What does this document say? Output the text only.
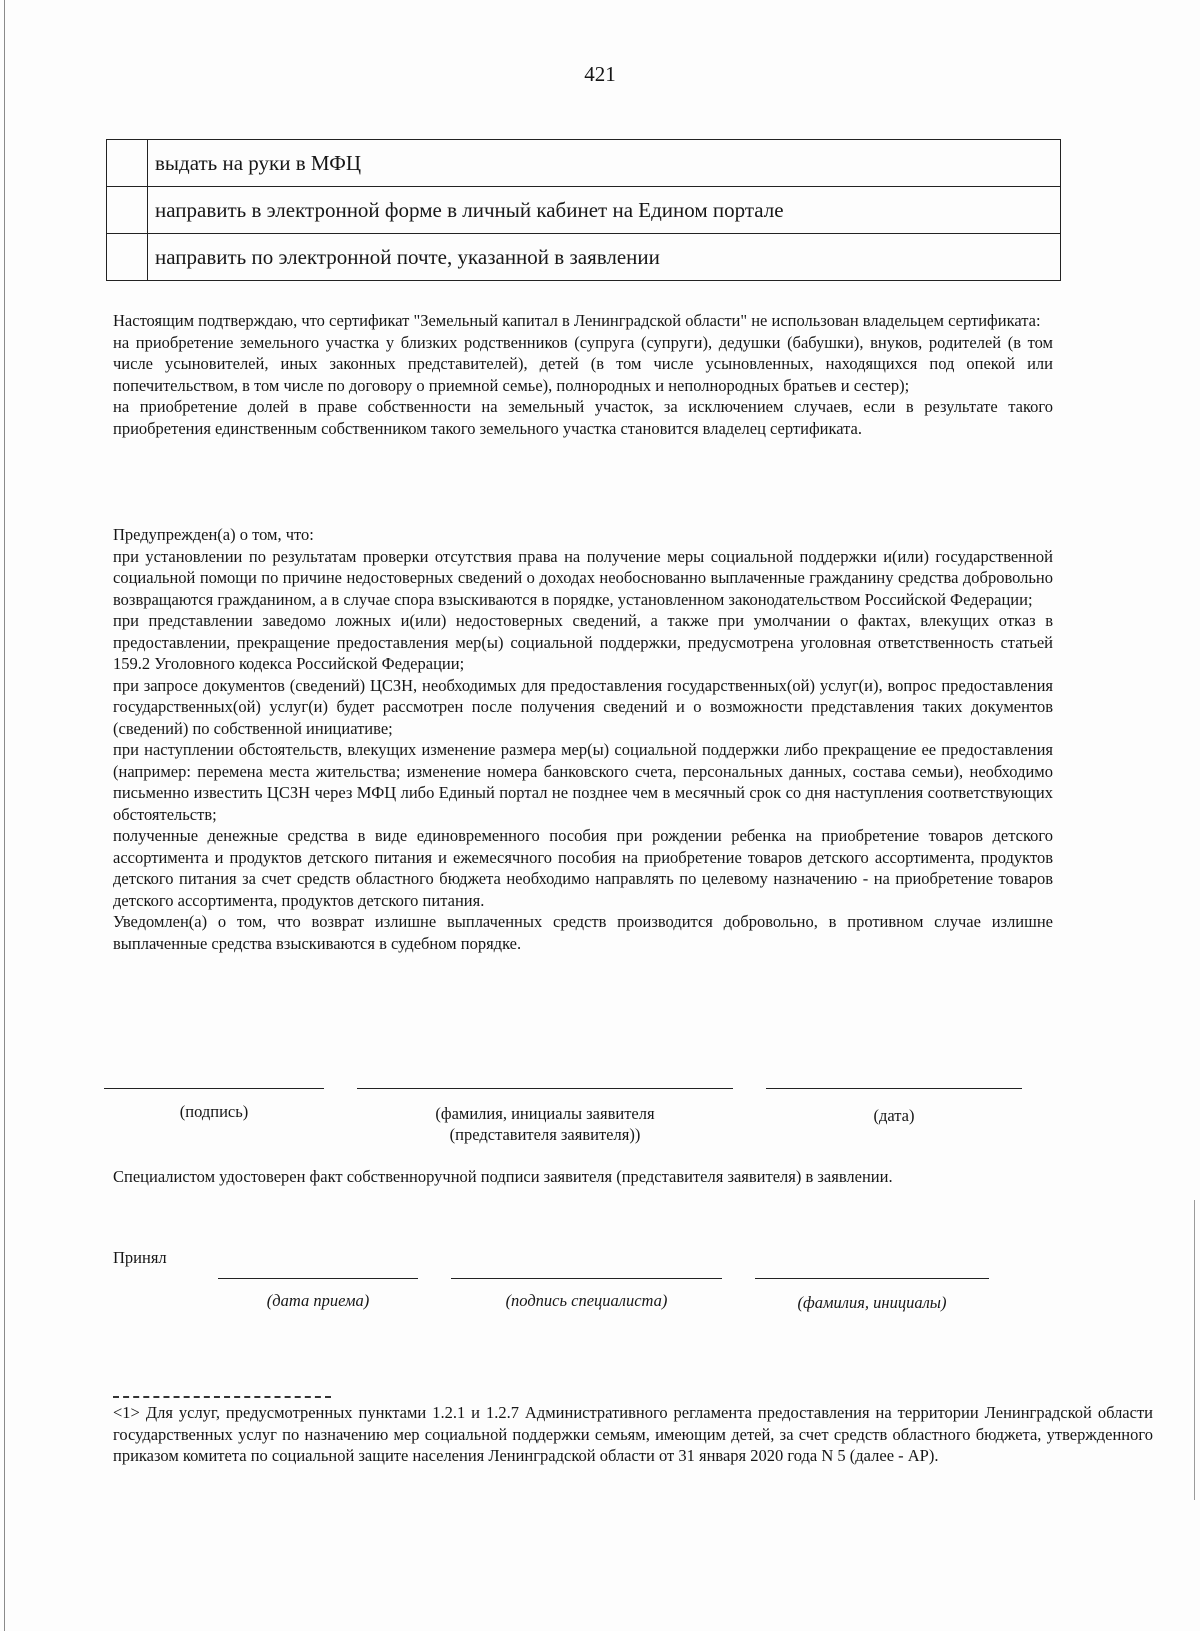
421
	выдать на руки в МФЦ
	направить в электронной форме в личный кабинет на Едином портале
	направить по электронной почте, указанной в заявлении

Настоящим подтверждаю, что сертификат "Земельный капитал в Ленинградской области" не использован владельцем сертификата:

на приобретение земельного участка у близких родственников (супруга (супруги), дедушки (бабушки), внуков, родителей (в том числе усыновителей, иных законных представителей), детей (в том числе усыновленных, находящихся под опекой или попечительством, в том числе по договору о приемной семье), полнородных и неполнородных братьев и сестер);

на приобретение долей в праве собственности на земельный участок, за исключением случаев, если в результате такого приобретения единственным собственником такого земельного участка становится владелец сертификата.

Предупрежден(а) о том, что:

при установлении по результатам проверки отсутствия права на получение меры социальной поддержки и(или) государственной социальной помощи по причине недостоверных сведений о доходах необоснованно выплаченные гражданину средства добровольно возвращаются гражданином, а в случае спора взыскиваются в порядке, установленном законодательством Российской Федерации;

при представлении заведомо ложных и(или) недостоверных сведений, а также при умолчании о фактах, влекущих отказ в предоставлении, прекращение предоставления мер(ы) социальной поддержки, предусмотрена уголовная ответственность статьей 159.2 Уголовного кодекса Российской Федерации;

при запросе документов (сведений) ЦСЗН, необходимых для предоставления государственных(ой) услуг(и), вопрос предоставления государственных(ой) услуг(и) будет рассмотрен после получения сведений и о возможности представления таких документов (сведений) по собственной инициативе;

при наступлении обстоятельств, влекущих изменение размера мер(ы) социальной поддержки либо прекращение ее предоставления (например: перемена места жительства; изменение номера банковского счета, персональных данных, состава семьи), необходимо письменно известить ЦСЗН через МФЦ либо Единый портал не позднее чем в месячный срок со дня наступления соответствующих обстоятельств;

полученные денежные средства в виде единовременного пособия при рождении ребенка на приобретение товаров детского ассортимента и продуктов детского питания и ежемесячного пособия на приобретение товаров детского ассортимента, продуктов детского питания за счет средств областного бюджета необходимо направлять по целевому назначению - на приобретение товаров детского ассортимента, продуктов детского питания.

Уведомлен(а) о том, что возврат излишне выплаченных средств производится добровольно, в противном случае излишне выплаченные средства взыскиваются в судебном порядке.

(подпись)	(фамилия, инициалы заявителя
(представителя заявителя))
(дата)
Специалистом удостоверен факт собственноручной подписи заявителя (представителя заявителя) в заявлении.
Принял
(дата приема)	(подпись специалиста)	(фамилия, инициалы)
<1> Для услуг, предусмотренных пунктами 1.2.1 и 1.2.7 Административного регламента предоставления на территории Ленинградской области государственных услуг по назначению мер социальной поддержки семьям, имеющим детей, за счет средств областного бюджета, утвержденного приказом комитета по социальной защите населения Ленинградской области от 31 января 2020 года N 5 (далее - АР).
